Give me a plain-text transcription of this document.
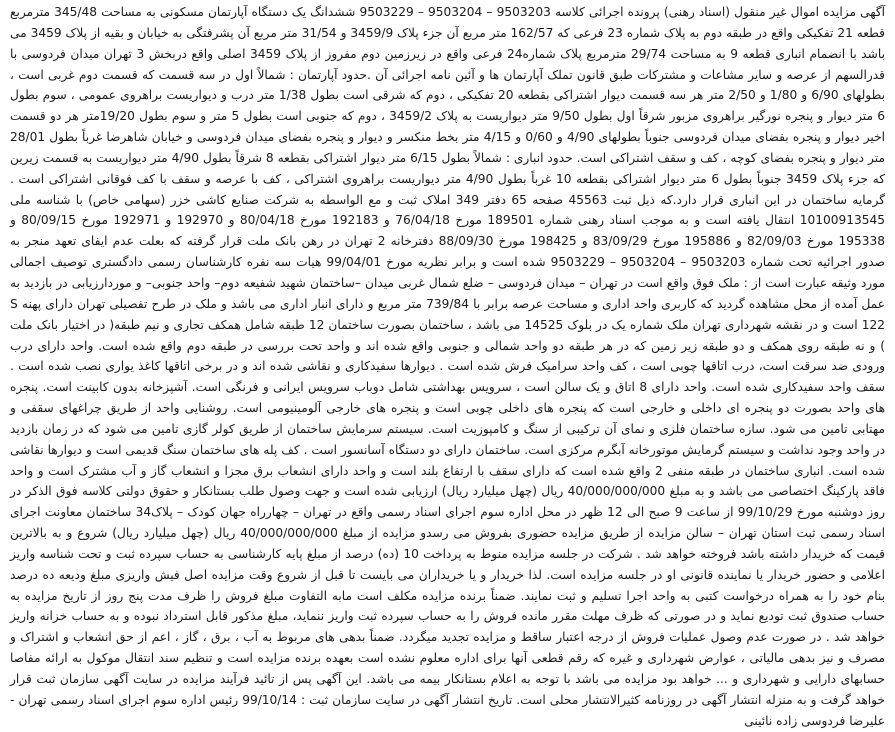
آگهی مزایده اموال غیر منقول (اسناد رهنی) پرونده اجرائی کلاسه 9503203 – 9503204 – 9503229 ششدانگ یک دستگاه آپارتمان مسکونی به مساحت 345/48 مترمربع قطعه 21 تفکیکی واقع در طبقه دوم به پلاک شماره 23 فرعی که 162/57 متر مربع آن جزء پلاک 3459/9 و 31/54 متر مربع آن پشرفتگی به خیابان و بقیه از پلاک 3459 می باشد با انضمام انباری قطعه 9 به مساحت 29/74 مترمربع پلاک شماره24 فرعی واقع در زیرزمین دوم مفروز از پلاک 3459 اصلی واقع دربخش 3 تهران میدان فردوسی با قدرالسهم از عرصه و سایر مشاعات و مشترکات طبق قانون تملک آپارتمان ها و آئین نامه اجرائی آن .حدود آپارتمان : شمالاً اول در سه قسمت که قسمت دوم غربی است ، بطولهای 6/90 و 1/80 و 2/50 متر هر سه قسمت دیوار اشتراکی بقطعه 20 تفکیکی ، دوم که شرقی است بطول 1/38 متر درب و دیواریست براهروی عمومی ، سوم بطول 6 متر دیوار و پنجره نورگیر براهروی مزبور شرقاً اول بطول 9/50 متر دیواریست به پلاک 3459/2 ، دوم که جنوبی است بطول 5 متر و سوم بطول 19/20متر هر دو قسمت اخیر دیوار و پنجره بفضای میدان فردوسی جنوباً بطولهای 4/90 و 0/60 و 4/15 متر بخط منکسر و دیوار و پنجره بفضای میدان فردوسی و خیابان شاهرضا غرباً بطول 28/01 متر دیوار و پنجره بفضای کوچه ، کف و سقف اشتراکی است. حدود انباری : شمالاً بطول 6/15 متر دیوار اشتراکی بقطعه 8 شرقاً بطول 4/90 متر دیواریست به قسمت زیرین که جزء پلاک 3459 جنوباً بطول 6 متر دیوار اشتراکی بقطعه 10 غرباً بطول 4/90 متر دیواریست براهروی اشتراکی ، کف با عرصه و سقف با کف فوقانی اشتراکی است . گرمایه ساختمان در این انباری قرار دارد.که ذیل ثبت 45563 صفحه 65 دفتر 349 املاک ثبت و مع الواسطه به شرکت صنایع کاشی خزر (سهامی خاص) با شناسه ملی 10100913545 انتقال یافته است و به موجب اسناد رهنی شماره 189501 مورخ 76/04/18 و 192183 مورخ 80/04/18 و 192970 و 192971 مورخ 80/09/15 و 195338 مورخ 82/09/03 و 195886 مورخ 83/09/29 و 198425 مورخ 88/09/30 دفترخانه 2 تهران در رهن بانک ملت قرار گرفته که بعلت عدم ایفای تعهد منجر به صدور اجرائیه تحت شماره 9503203 – 9503204 – 9503229 شده است و برابر نظریه مورخ 99/04/01 هیات سه نفره کارشناسان رسمی دادگستری توصیف اجمالی مورد وثیقه عبارت است از : ملک فوق واقع است در تهران – میدان فردوسی – ضلع شمال غربی میدان –ساختمان شهید شفیعه دوم– واحد جنوبی– و موردارزیابی در بازدید به عمل آمده از محل مشاهده گردید که کاربری واحد اداری و مساحت عرصه برابر با 739/84 متر مربع و دارای انبار اداری می باشد و ملک در طرح تفصیلی تهران دارای پهنه S 122 است و در نقشه شهرداری تهران ملک شماره یک در بلوک 14525 می باشد ، ساختمان بصورت ساختمان 12 طبقه شامل همکف تجاری و نیم طبقه( در اختیار بانک ملت ) و نه طبقه روی همکف و دو طبقه زیر زمین که در هر طبقه دو واحد شمالی و جنوبی واقع شده اند و واحد تحت بررسی در طبقه دوم واقع شده است. واحد دارای درب ورودی ضد سرقت است، درب اتاقها چوبی است ، کف واحد سرامیک فرش شده است . دیوارها سفیدکاری و نقاشی شده اند و در برخی اتاقها کاغذ یواری نصب شده است . سقف واحد سفیدکاری شده است. واحد دارای 8 اتاق و یک سالن است ، سرویس بهداشتی شامل دوباب سرویس ایرانی و فرنگی است. آشپزخانه بدون کابینت است. پنجره های واحد بصورت دو پنجره ای داخلی و خارجی است که پنجره های داخلی چوبی است و پنجره های خارجی آلومینیومی است. روشنایی واحد از طریق چراغهای سقفی و مهتابی تامین می شود. سازه ساختمان فلزی و نمای آن ترکیبی از سنگ و کامپوزیت است. سیستم سرمایش ساختمان از طریق کولر گازی تامین می شود که در زمان بازدید در واحد وجود نداشت و سیستم گرمایش موتورخانه آبگرم مرکزی است. ساختمان دارای دو دستگاه آسانسور است . کف پله های ساختمان سنگ قدیمی است و دیوارها نقاشی شده است. انباری ساختمان در طبقه منفی 2 واقع شده است که دارای سقف با ارتفاع بلند است و واحد دارای انشعاب برق مجزا و انشعاب گاز و آب مشترک است و واحد فاقد پارکینگ اختصاصی می باشد و به مبلغ 40/000/000/000 ریال (چهل میلیارد ریال) ارزیابی شده است و جهت وصول طلب بستانکار و حقوق دولتی کلاسه فوق الذکر در روز دوشنبه مورخ 99/10/29 از ساعت 9 صبح الی 12 ظهر در محل اداره سوم اجرای اسناد رسمی واقع در تهران – چهارراه جهان کودک – پلاک34 ساختمان معاونت اجرای اسناد رسمی ثبت استان تهران – سالن مزایده از طریق مزایده حضوری بفروش می رسدو مزایده از مبلغ 40/000/000/000 ریال (چهل میلیارد ریال) شروع و به بالاترین قیمت که خریدار داشته باشد فروخته خواهد شد . شرکت در جلسه مزایده منوط به پرداخت 10 (ده) درصد از مبلغ پایه کارشناسی به حساب سپرده ثبت و تحت شناسه واریز اعلامی و حضور خریدار یا نماینده قانونی او در جلسه مزایده است. لذا خریدار و یا خریداران می بایست تا قبل از شروع وقت مزایده اصل فیش واریزی مبلغ ودیعه ده درصد بنام خود را به همراه درخواست کتبی به واحد اجرا تسلیم و ثبت نمایند. ضمناً برنده مزایده مکلف است مابه التفاوت مبلغ فروش را ظرف مدت پنج روز از تاریخ مزایده به حساب صندوق ثبت تودیع نماید و در صورتی که ظرف مهلت مقرر مانده فروش را به حساب سپرده ثبت واریز ننماید، مبلغ مذکور قابل استرداد نبوده و به حساب خزانه واریز خواهد شد . در صورت عدم وصول عملیات فروش از درجه اعتبار ساقط و مزایده تجدید میگردد. ضمناً بدهی های مربوط به آب ، برق ، گاز ، اعم از حق انشعاب و اشتراک و مصرف و نیز بدهی مالیاتی ، عوارض شهرداری و غیره که رقم قطعی آنها برای اداره معلوم نشده است بعهده برنده مزایده است و تنظیم سند انتقال موکول به ارائه مفاصا حسابهای دارایی و شهرداری و ... خواهد بود مزایده می باشد با توجه به اعلام بستانکار بیمه می باشد. این آگهی پس از تائید فرآیند مزایده در سایت آگهی سازمان ثبت قرار خواهد گرفت و به منزله انتشار آگهی در روزنامه کثیرالانتشار محلی است. تاریخ انتشار آگهی در سایت سازمان ثبت : 99/10/14 رئیس اداره سوم اجرای اسناد رسمی تهران - علیرضا فردوسی زاده نائینی
